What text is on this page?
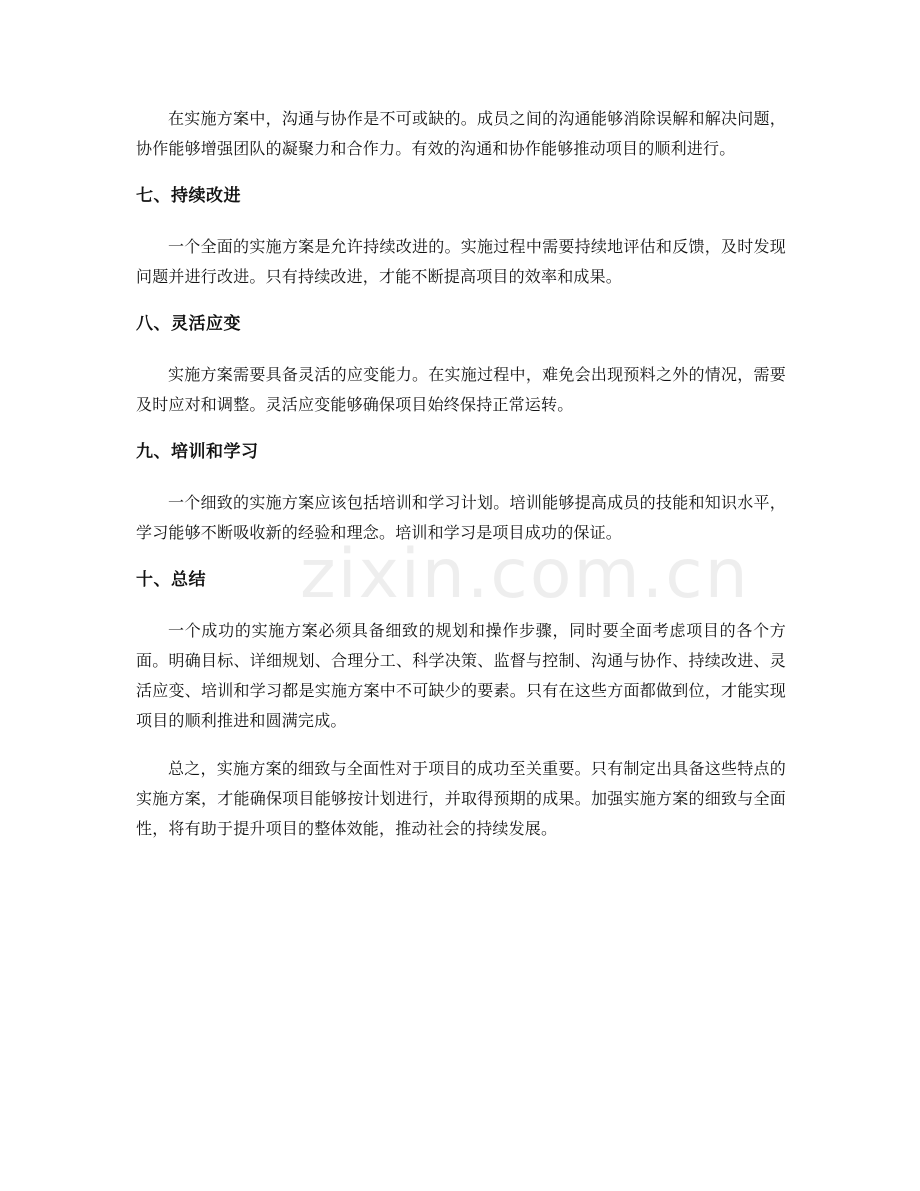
在实施方案中，沟通与协作是不可或缺的。成员之间的沟通能够消除误解和解决问题，协作能够增强团队的凝聚力和合作力。有效的沟通和协作能够推动项目的顺利进行。

七、持续改进

一个全面的实施方案是允许持续改进的。实施过程中需要持续地评估和反馈，及时发现问题并进行改进。只有持续改进，才能不断提高项目的效率和成果。

八、灵活应变

实施方案需要具备灵活的应变能力。在实施过程中，难免会出现预料之外的情况，需要及时应对和调整。灵活应变能够确保项目始终保持正常运转。

九、培训和学习

一个细致的实施方案应该包括培训和学习计划。培训能够提高成员的技能和知识水平，学习能够不断吸收新的经验和理念。培训和学习是项目成功的保证。

十、总结

一个成功的实施方案必须具备细致的规划和操作步骤，同时要全面考虑项目的各个方面。明确目标、详细规划、合理分工、科学决策、监督与控制、沟通与协作、持续改进、灵活应变、培训和学习都是实施方案中不可缺少的要素。只有在这些方面都做到位，才能实现项目的顺利推进和圆满完成。

总之，实施方案的细致与全面性对于项目的成功至关重要。只有制定出具备这些特点的实施方案，才能确保项目能够按计划进行，并取得预期的成果。加强实施方案的细致与全面性，将有助于提升项目的整体效能，推动社会的持续发展。

zixin.com.cn
